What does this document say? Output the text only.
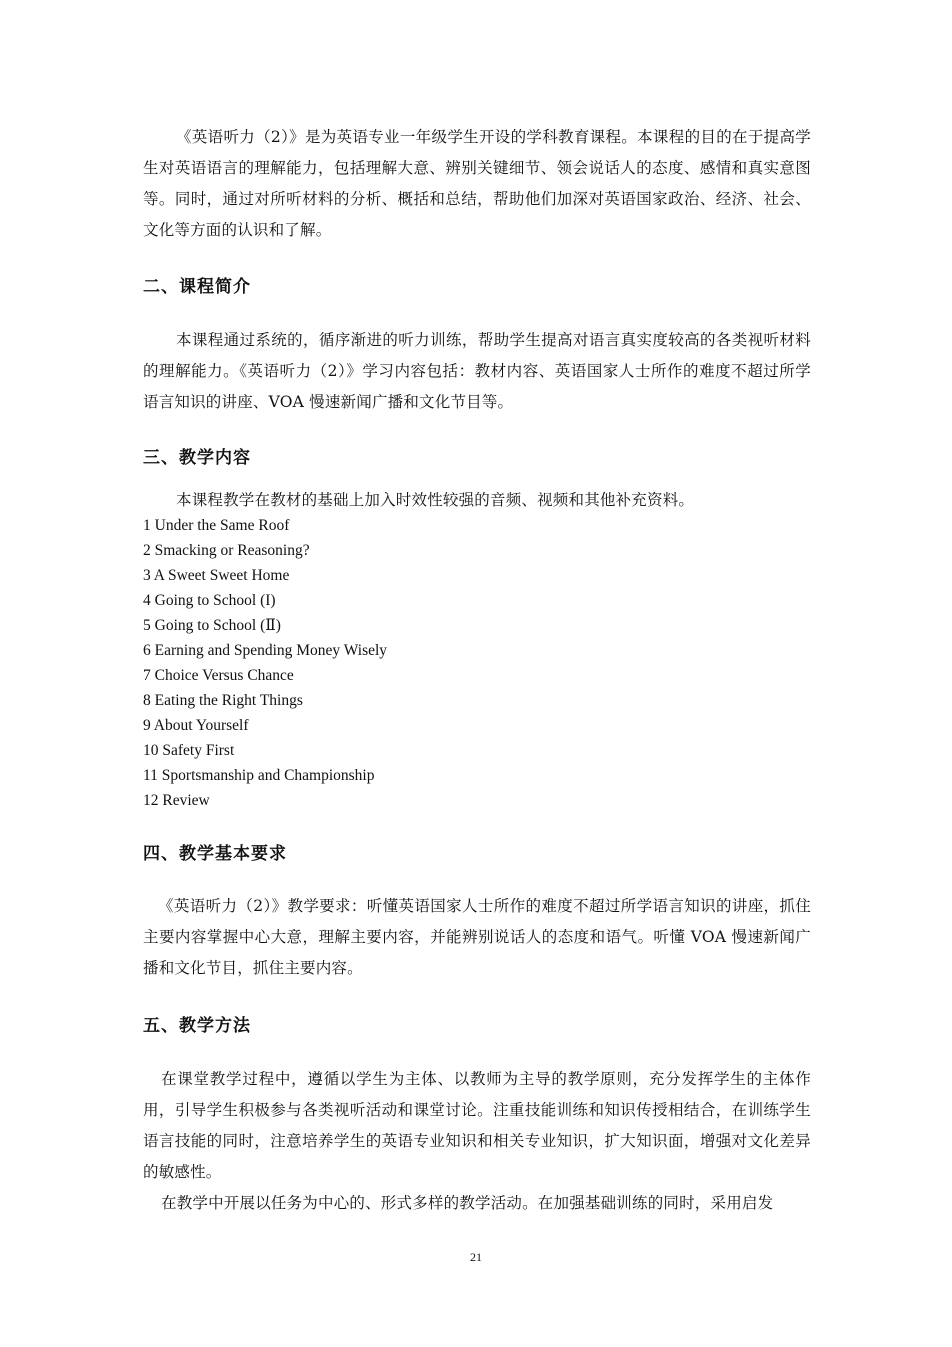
《英语听力（2）》是为英语专业一年级学生开设的学科教育课程。本课程的目的在于提高学生对英语语言的理解能力，包括理解大意、辨别关键细节、领会说话人的态度、感情和真实意图等。同时，通过对所听材料的分析、概括和总结，帮助他们加深对英语国家政治、经济、社会、文化等方面的认识和了解。

二、课程简介

本课程通过系统的，循序渐进的听力训练，帮助学生提高对语言真实度较高的各类视听材料的理解能力。《英语听力（2）》学习内容包括：教材内容、英语国家人士所作的难度不超过所学语言知识的讲座、VOA 慢速新闻广播和文化节目等。

三、教学内容

本课程教学在教材的基础上加入时效性较强的音频、视频和其他补充资料。

1 Under the Same Roof
2 Smacking or Reasoning?
3 A Sweet Sweet Home
4 Going to School (I)
5 Going to School (Ⅱ)
6 Earning and Spending Money Wisely
7 Choice Versus Chance
8 Eating the Right Things
9 About Yourself
10 Safety First
11 Sportsmanship and Championship
12 Review
四、教学基本要求

《英语听力（2）》教学要求：听懂英语国家人士所作的难度不超过所学语言知识的讲座，抓住主要内容掌握中心大意，理解主要内容，并能辨别说话人的态度和语气。听懂 VOA 慢速新闻广播和文化节目，抓住主要内容。

五、教学方法

在课堂教学过程中，遵循以学生为主体、以教师为主导的教学原则，充分发挥学生的主体作用，引导学生积极参与各类视听活动和课堂讨论。注重技能训练和知识传授相结合，在训练学生语言技能的同时，注意培养学生的英语专业知识和相关专业知识，扩大知识面，增强对文化差异的敏感性。

在教学中开展以任务为中心的、形式多样的教学活动。在加强基础训练的同时，采用启发

21
